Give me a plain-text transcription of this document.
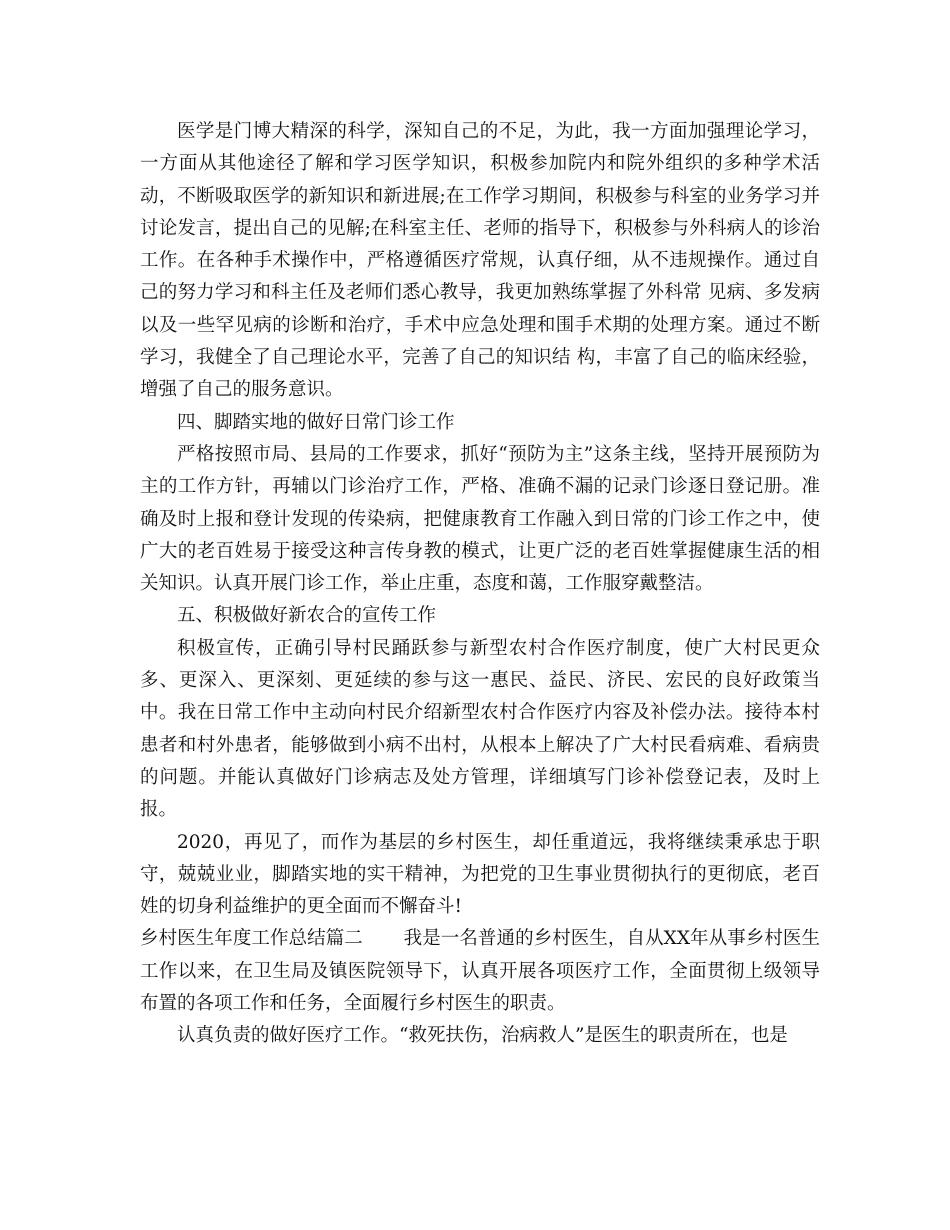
医学是门博大精深的科学，深知自己的不足，为此，我一方面加强理论学习，一方面从其他途径了解和学习医学知识，积极参加院内和院外组织的多种学术活动，不断吸取医学的新知识和新进展;在工作学习期间，积极参与科室的业务学习并讨论发言，提出自己的见解;在科室主任、老师的指导下，积极参与外科病人的诊治工作。在各种手术操作中，严格遵循医疗常规，认真仔细，从不违规操作。通过自己的努力学习和科主任及老师们悉心教导，我更加熟练掌握了外科常 见病、多发病以及一些罕见病的诊断和治疗，手术中应急处理和围手术期的处理方案。通过不断学习，我健全了自己理论水平，完善了自己的知识结 构，丰富了自己的临床经验，增强了自己的服务意识。

四、脚踏实地的做好日常门诊工作

严格按照市局、县局的工作要求，抓好“预防为主”这条主线，坚持开展预防为主的工作方针，再辅以门诊治疗工作，严格、准确不漏的记录门诊逐日登记册。准确及时上报和登计发现的传染病，把健康教育工作融入到日常的门诊工作之中，使广大的老百姓易于接受这种言传身教的模式，让更广泛的老百姓掌握健康生活的相关知识。认真开展门诊工作，举止庄重，态度和蔼，工作服穿戴整洁。

五、积极做好新农合的宣传工作

积极宣传，正确引导村民踊跃参与新型农村合作医疗制度，使广大村民更众多、更深入、更深刻、更延续的参与这一惠民、益民、济民、宏民的良好政策当中。我在日常工作中主动向村民介绍新型农村合作医疗内容及补偿办法。接待本村患者和村外患者，能够做到小病不出村，从根本上解决了广大村民看病难、看病贵的问题。并能认真做好门诊病志及处方管理，详细填写门诊补偿登记表，及时上报。

2020，再见了，而作为基层的乡村医生，却任重道远，我将继续秉承忠于职守，兢兢业业，脚踏实地的实干精神，为把党的卫生事业贯彻执行的更彻底，老百姓的切身利益维护的更全面而不懈奋斗!

乡村医生年度工作总结篇二 我是一名普通的乡村医生，自从XX年从事乡村医生工作以来，在卫生局及镇医院领导下，认真开展各项医疗工作，全面贯彻上级领导布置的各项工作和任务，全面履行乡村医生的职责。

认真负责的做好医疗工作。“救死扶伤，治病救人”是医生的职责所在，也是
